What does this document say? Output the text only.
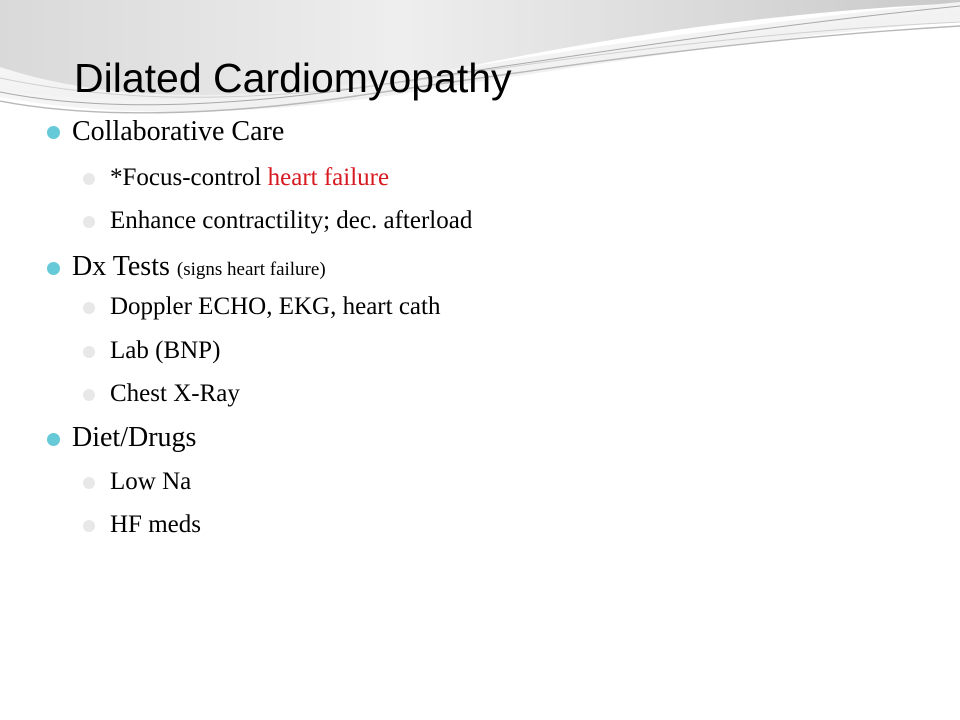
Dilated Cardiomyopathy
Collaborative Care
*Focus-control heart failure
Enhance contractility; dec. afterload
Dx Tests (signs heart failure)
Doppler ECHO, EKG, heart cath
Lab (BNP)
Chest X-Ray
Diet/Drugs
Low Na
HF meds
